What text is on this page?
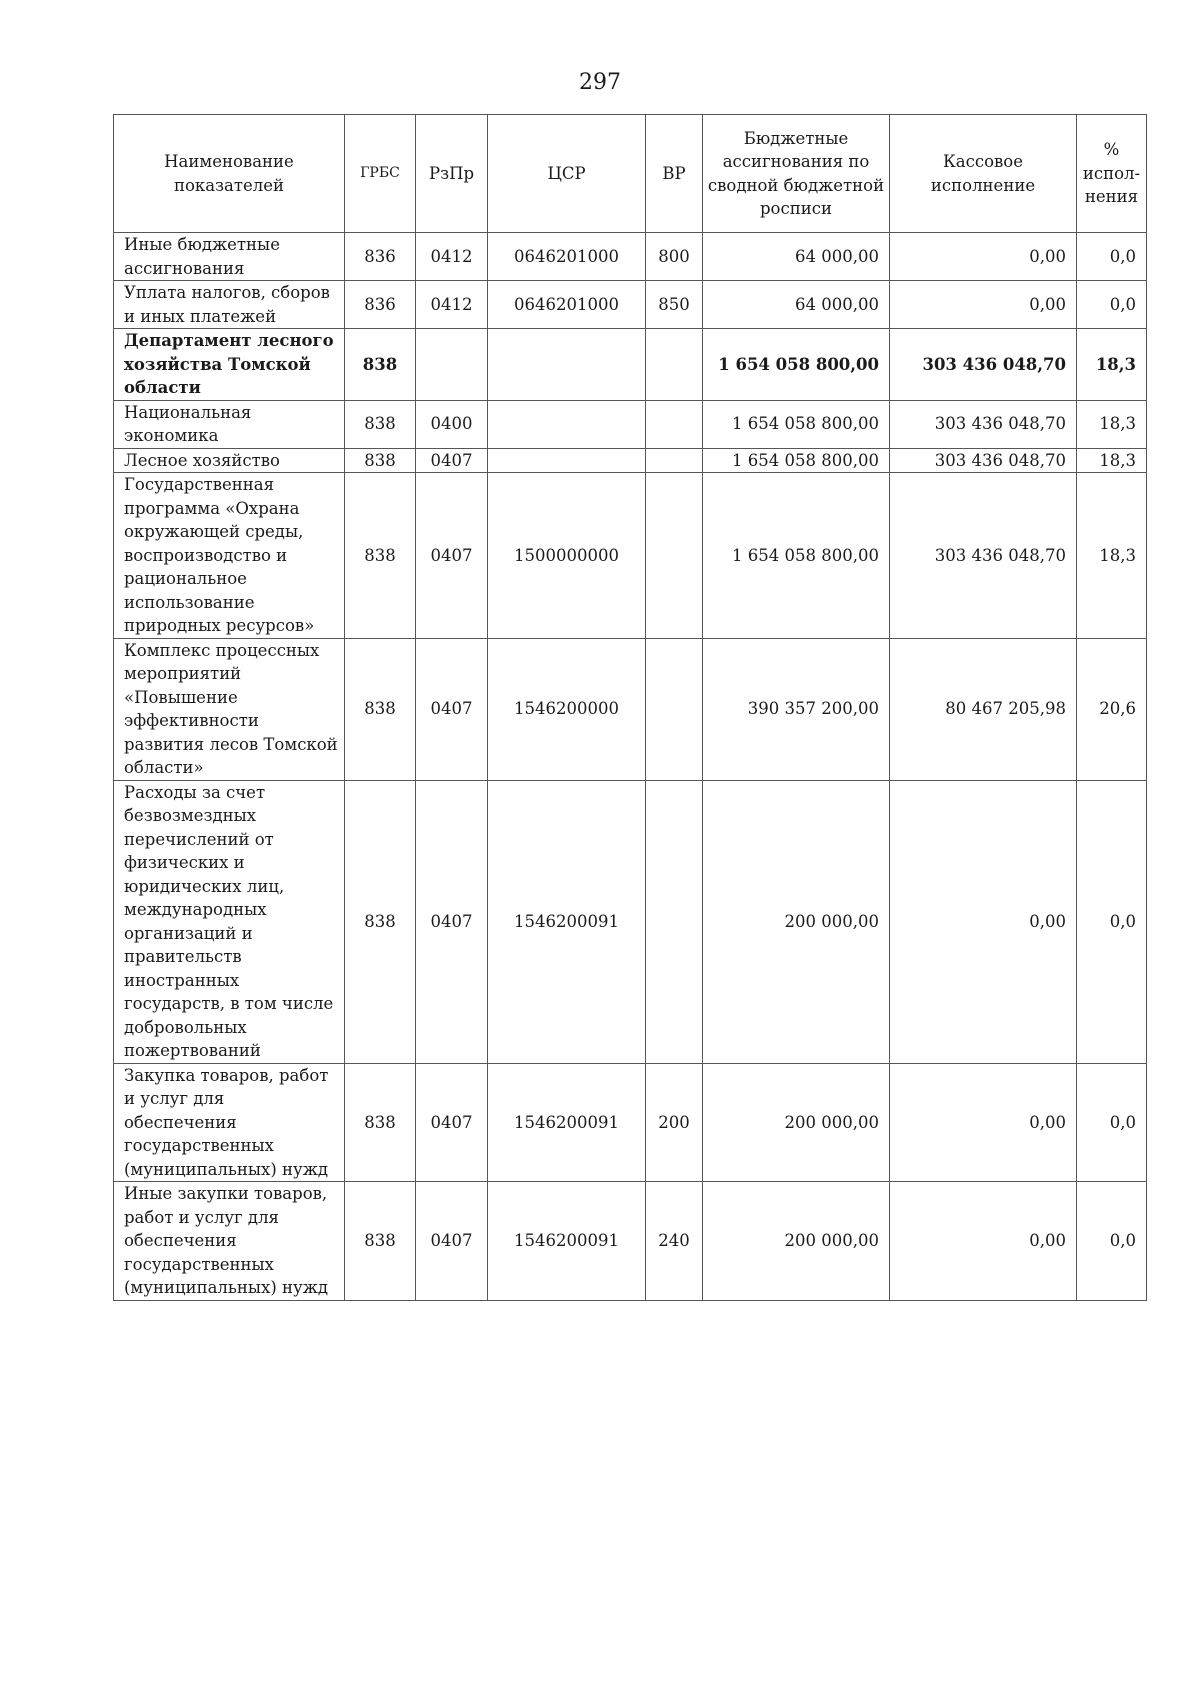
297
Наименование показателей	ГРБС	РзПр	ЦСР	ВР	Бюджетные ассигнования по сводной бюджетной росписи	Кассовое исполнение	% испол-нения
Иные бюджетные ассигнования	836	0412	0646201000	800	64 000,00	0,00	0,0
Уплата налогов, сборов и иных платежей	836	0412	0646201000	850	64 000,00	0,00	0,0
Департамент лесного хозяйства Томской области	838				1 654 058 800,00	303 436 048,70	18,3
Национальная экономика	838	0400			1 654 058 800,00	303 436 048,70	18,3
Лесное хозяйство	838	0407			1 654 058 800,00	303 436 048,70	18,3
Государственная программа «Охрана окружающей среды, воспроизводство и рациональное использование природных ресурсов»	838	0407	1500000000		1 654 058 800,00	303 436 048,70	18,3
Комплекс процессных мероприятий «Повышение эффективности развития лесов Томской области»	838	0407	1546200000		390 357 200,00	80 467 205,98	20,6
Расходы за счет безвозмездных перечислений от физических и юридических лиц, международных организаций и правительств иностранных государств, в том числе добровольных пожертвований	838	0407	1546200091		200 000,00	0,00	0,0
Закупка товаров, работ и услуг для обеспечения государственных (муниципальных) нужд	838	0407	1546200091	200	200 000,00	0,00	0,0
Иные закупки товаров, работ и услуг для обеспечения государственных (муниципальных) нужд	838	0407	1546200091	240	200 000,00	0,00	0,0
